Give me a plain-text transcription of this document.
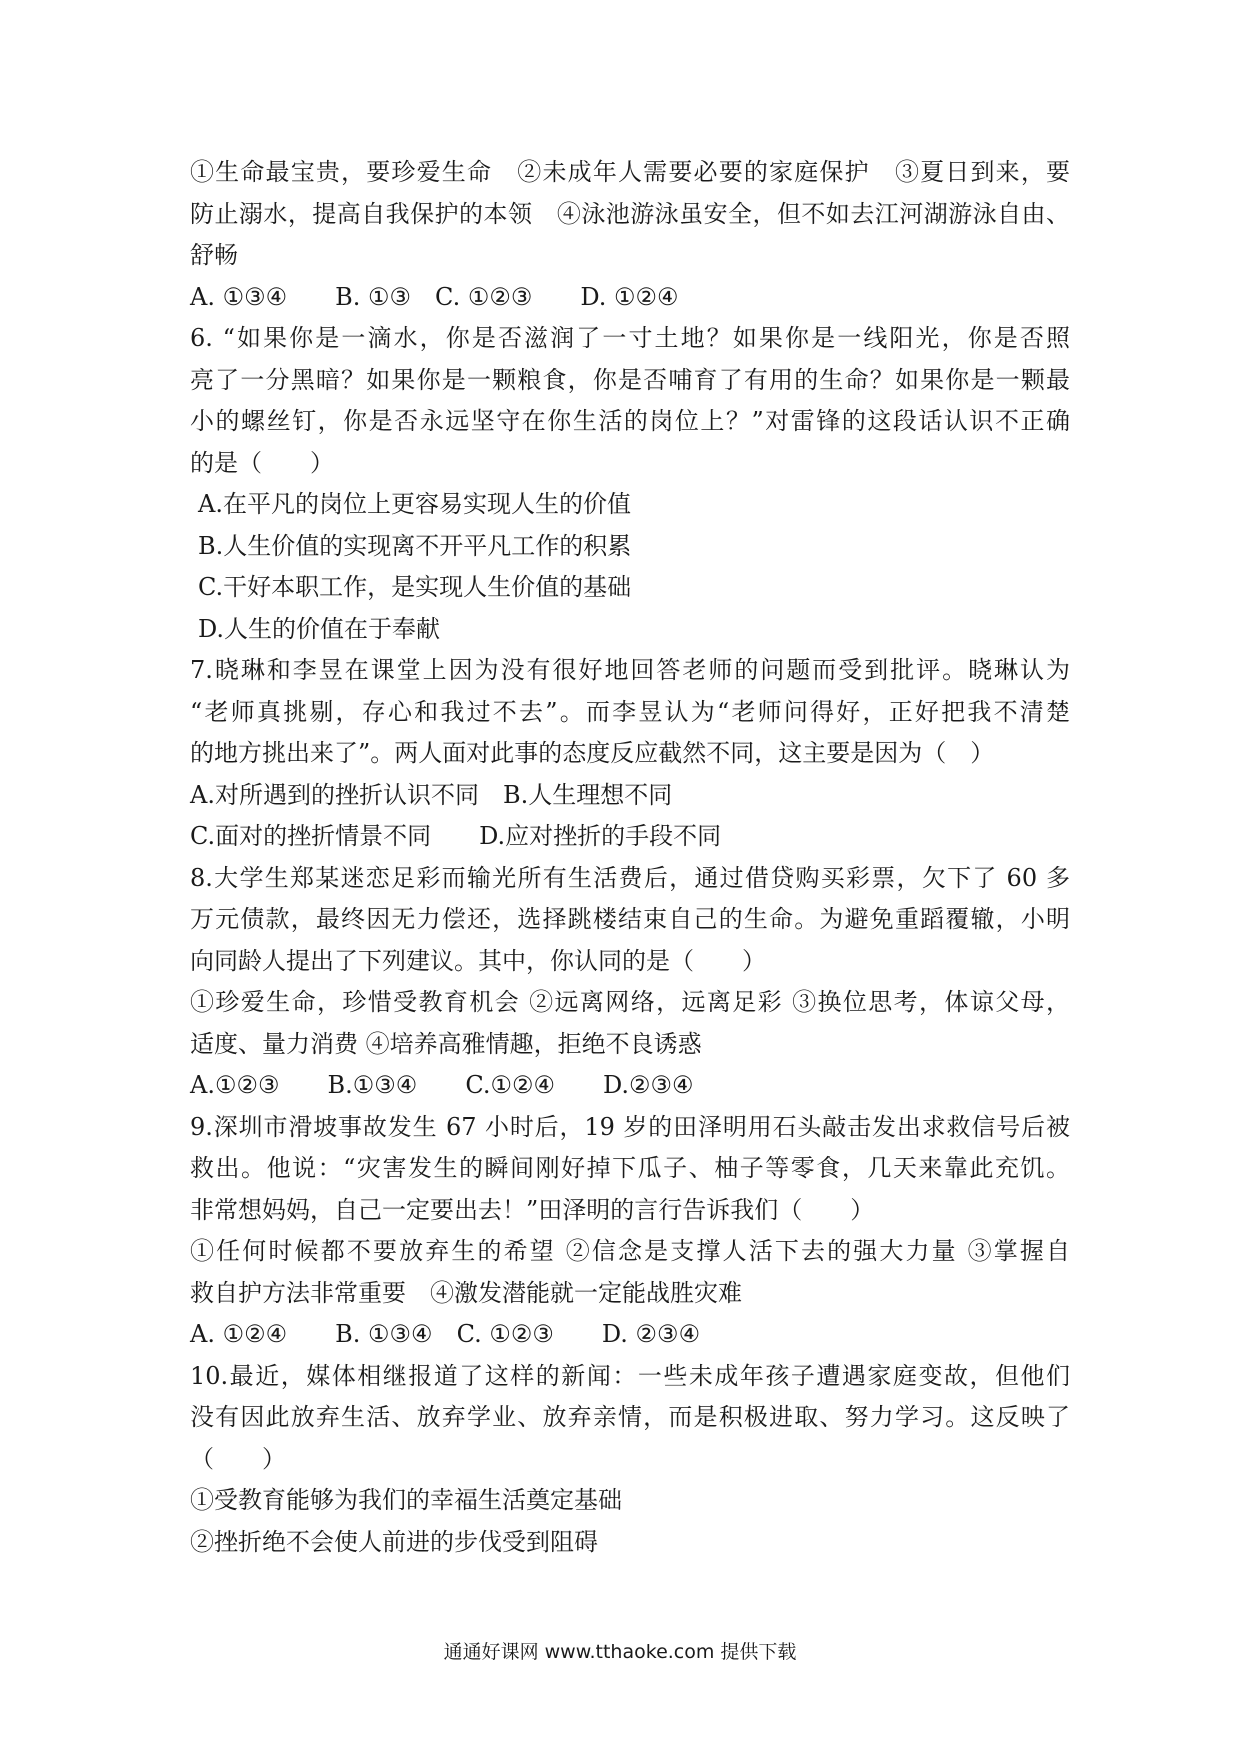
①生命最宝贵，要珍爱生命　②未成年人需要必要的家庭保护　③夏日到来，要
防止溺水，提高自我保护的本领　④泳池游泳虽安全，但不如去江河湖游泳自由、
舒畅
A. ①③④　　B. ①③　C. ①②③　　D. ①②④
6. “如果你是一滴水，你是否滋润了一寸土地？如果你是一线阳光，你是否照
亮了一分黑暗？如果你是一颗粮食，你是否哺育了有用的生命？如果你是一颗最
小的螺丝钉，你是否永远坚守在你生活的岗位上？”对雷锋的这段话认识不正确
的是（　　）
A.在平凡的岗位上更容易实现人生的价值
B.人生价值的实现离不开平凡工作的积累
C.干好本职工作，是实现人生价值的基础
D.人生的价值在于奉献
7.晓琳和李昱在课堂上因为没有很好地回答老师的问题而受到批评。晓琳认为
“老师真挑剔，存心和我过不去”。而李昱认为“老师问得好，正好把我不清楚
的地方挑出来了”。两人面对此事的态度反应截然不同，这主要是因为（　）
A.对所遇到的挫折认识不同　B.人生理想不同
C.面对的挫折情景不同　　D.应对挫折的手段不同
8.大学生郑某迷恋足彩而输光所有生活费后，通过借贷购买彩票，欠下了 60 多
万元债款，最终因无力偿还，选择跳楼结束自己的生命。为避免重蹈覆辙，小明
向同龄人提出了下列建议。其中，你认同的是（　　）
①珍爱生命，珍惜受教育机会 ②远离网络，远离足彩 ③换位思考，体谅父母，
适度、量力消费 ④培养高雅情趣，拒绝不良诱惑
A.①②③　　B.①③④　　C.①②④　　D.②③④
9.深圳市滑坡事故发生 67 小时后，19 岁的田泽明用石头敲击发出求救信号后被
救出。他说：“灾害发生的瞬间刚好掉下瓜子、柚子等零食，几天来靠此充饥。
非常想妈妈，自己一定要出去！”田泽明的言行告诉我们（　　）
①任何时候都不要放弃生的希望 ②信念是支撑人活下去的强大力量 ③掌握自
救自护方法非常重要　④激发潜能就一定能战胜灾难
A. ①②④　　B. ①③④　C. ①②③　　D. ②③④
10.最近，媒体相继报道了这样的新闻：一些未成年孩子遭遇家庭变故，但他们
没有因此放弃生活、放弃学业、放弃亲情，而是积极进取、努力学习。这反映了
（　　）
①受教育能够为我们的幸福生活奠定基础
②挫折绝不会使人前进的步伐受到阻碍
通通好课网 www.tthaoke.com 提供下载
